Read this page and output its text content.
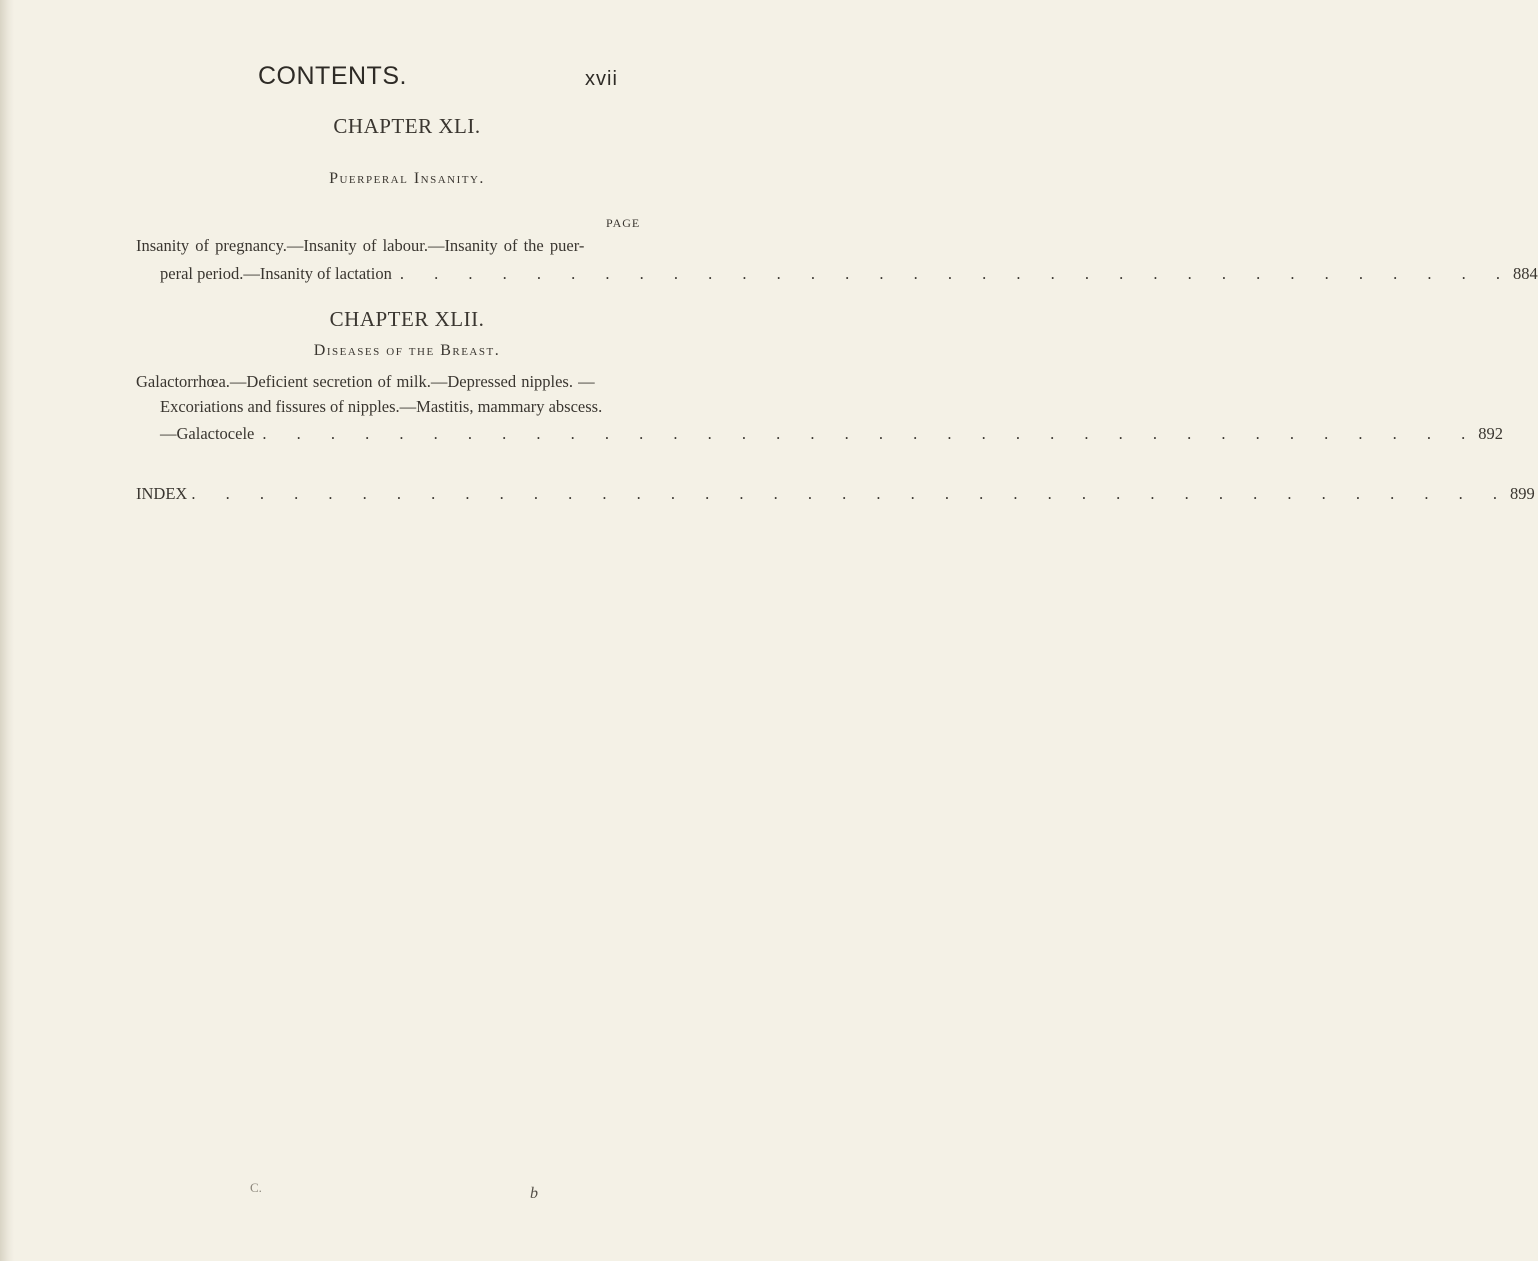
CONTENTS.	xvii
CHAPTER XLI.
Puerperal Insanity.
PAGE
Insanity of pregnancy.—Insanity of labour.—Insanity of the puer-
peral period.—Insanity of lactation . . . . . . . . . . . . . . . . . . . . . . . . . . . . . . . . . 884
CHAPTER XLII.
Diseases of the Breast.
Galactorrhœa.—Deficient secretion of milk.—Depressed nipples. —
Excoriations and fissures of nipples.—Mastitis, mammary abscess.
—Galactocele . . . . . . . . . . . . . . . . . . . . . . . . . . . . . . . . . . . . 892
INDEX . . . . . . . . . . . . . . . . . . . . . . . . . . . . . . . . . . . . . . . 899
C.	b
